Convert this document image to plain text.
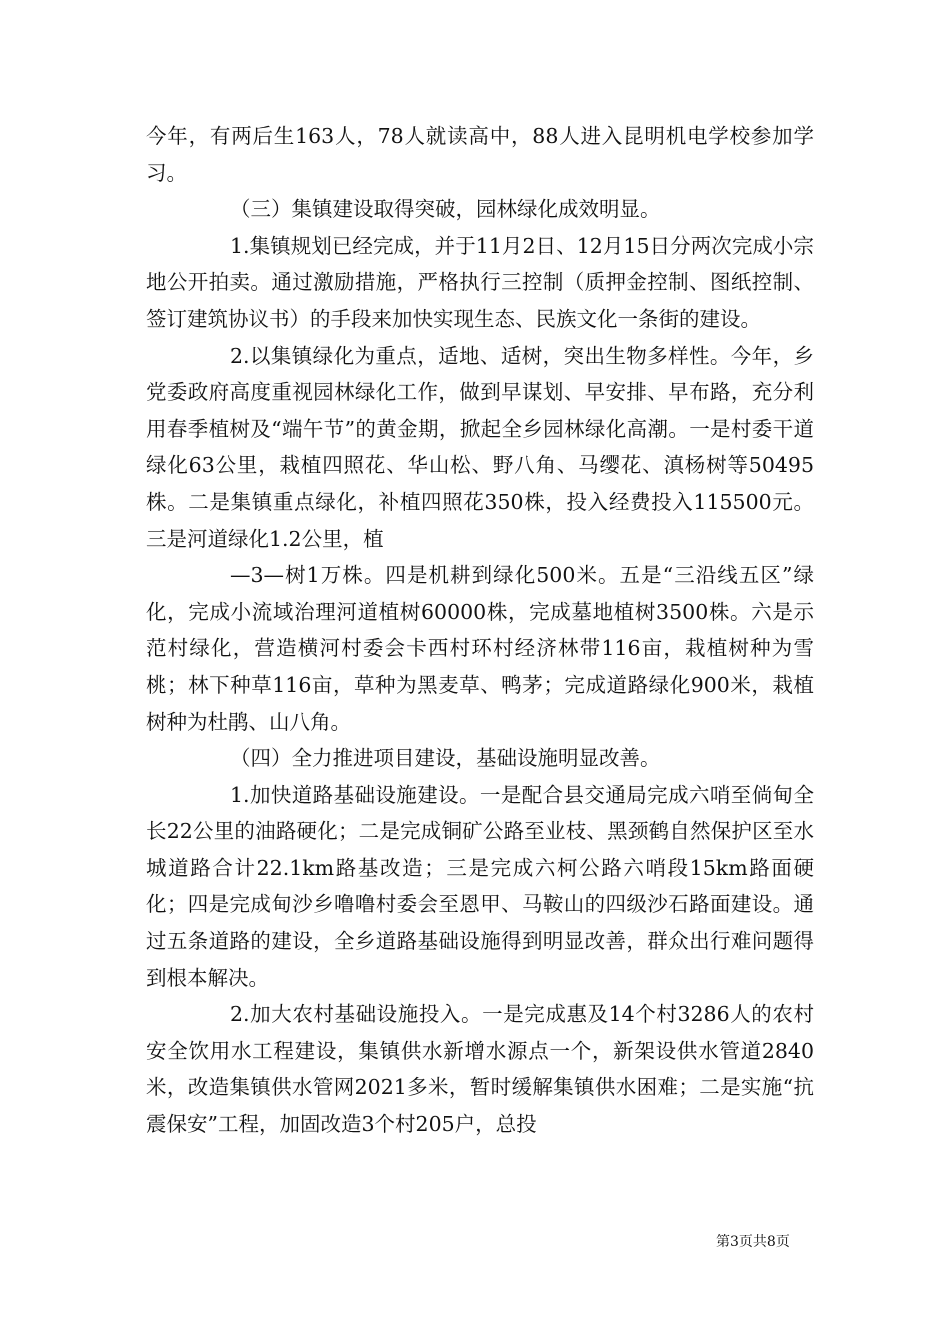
今年，有两后生163人，78人就读高中，88人进入昆明机电学校参加学习。

（三）集镇建设取得突破，园林绿化成效明显。

1.集镇规划已经完成，并于11月2日、12月15日分两次完成小宗地公开拍卖。通过激励措施，严格执行三控制（质押金控制、图纸控制、签订建筑协议书）的手段来加快实现生态、民族文化一条街的建设。

2.以集镇绿化为重点，适地、适树，突出生物多样性。今年，乡党委政府高度重视园林绿化工作，做到早谋划、早安排、早布路，充分利用春季植树及“端午节”的黄金期，掀起全乡园林绿化高潮。一是村委干道绿化63公里，栽植四照花、华山松、野八角、马缨花、滇杨树等50495株。二是集镇重点绿化，补植四照花350株，投入经费投入115500元。三是河道绿化1.2公里，植

—3—树1万株。四是机耕到绿化500米。五是“三沿线五区”绿化，完成小流域治理河道植树60000株，完成墓地植树3500株。六是示范村绿化，营造横河村委会卡西村环村经济林带116亩，栽植树种为雪桃；林下种草116亩，草种为黑麦草、鸭茅；完成道路绿化900米，栽植树种为杜鹃、山八角。

（四）全力推进项目建设，基础设施明显改善。

1.加快道路基础设施建设。一是配合县交通局完成六哨至倘甸全长22公里的油路硬化；二是完成铜矿公路至业枝、黑颈鹤自然保护区至水城道路合计22.1km路基改造；三是完成六柯公路六哨段15km路面硬化；四是完成甸沙乡噜噜村委会至恩甲、马鞍山的四级沙石路面建设。通过五条道路的建设，全乡道路基础设施得到明显改善，群众出行难问题得到根本解决。

2.加大农村基础设施投入。一是完成惠及14个村3286人的农村安全饮用水工程建设，集镇供水新增水源点一个，新架设供水管道2840米，改造集镇供水管网2021多米，暂时缓解集镇供水困难；二是实施“抗震保安”工程，加固改造3个村205户，总投

第3页共8页
